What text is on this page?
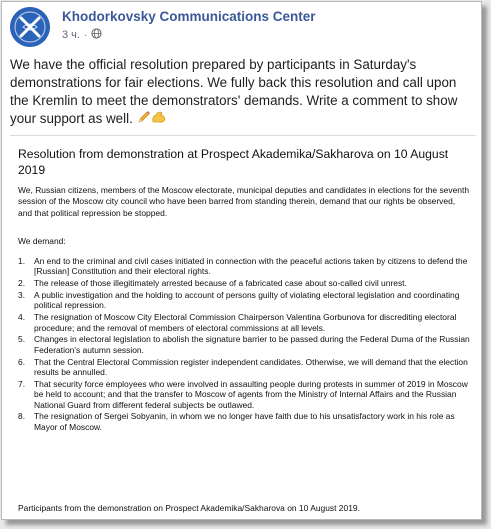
Khodorkovsky Communications Center
3 ч. ·
We have the official resolution prepared by participants in Saturday's demonstrations for fair elections. We fully back this resolution and call upon the Kremlin to meet the demonstrators' demands. Write a comment to show your support as well.
Resolution from demonstration at Prospect Akademika/Sakharova on 10 August 2019
We, Russian citizens, members of the Moscow electorate, municipal deputies and candidates in elections for the seventh session of the Moscow city council who have been barred from standing therein, demand that our rights be observed, and that political repression be stopped.
We demand:
1. An end to the criminal and civil cases initiated in connection with the peaceful actions taken by citizens to defend the [Russian] Constitution and their electoral rights.
2. The release of those illegitimately arrested because of a fabricated case about so-called civil unrest.
3. A public investigation and the holding to account of persons guilty of violating electoral legislation and coordinating political repression.
4. The resignation of Moscow City Electoral Commission Chairperson Valentina Gorbunova for discrediting electoral procedure; and the removal of members of electoral commissions at all levels.
5. Changes in electoral legislation to abolish the signature barrier to be passed during the Federal Duma of the Russian Federation's autumn session.
6. That the Central Electoral Commission register independent candidates. Otherwise, we will demand that the election results be annulled.
7. That security force employees who were involved in assaulting people during protests in summer of 2019 in Moscow be held to account; and that the transfer to Moscow of agents from the Ministry of Internal Affairs and the Russian National Guard from different federal subjects be outlawed.
8. The resignation of Sergei Sobyanin, in whom we no longer have faith due to his unsatisfactory work in his role as Mayor of Moscow.
Participants from the demonstration on Prospect Akademika/Sakharova on 10 August 2019.
